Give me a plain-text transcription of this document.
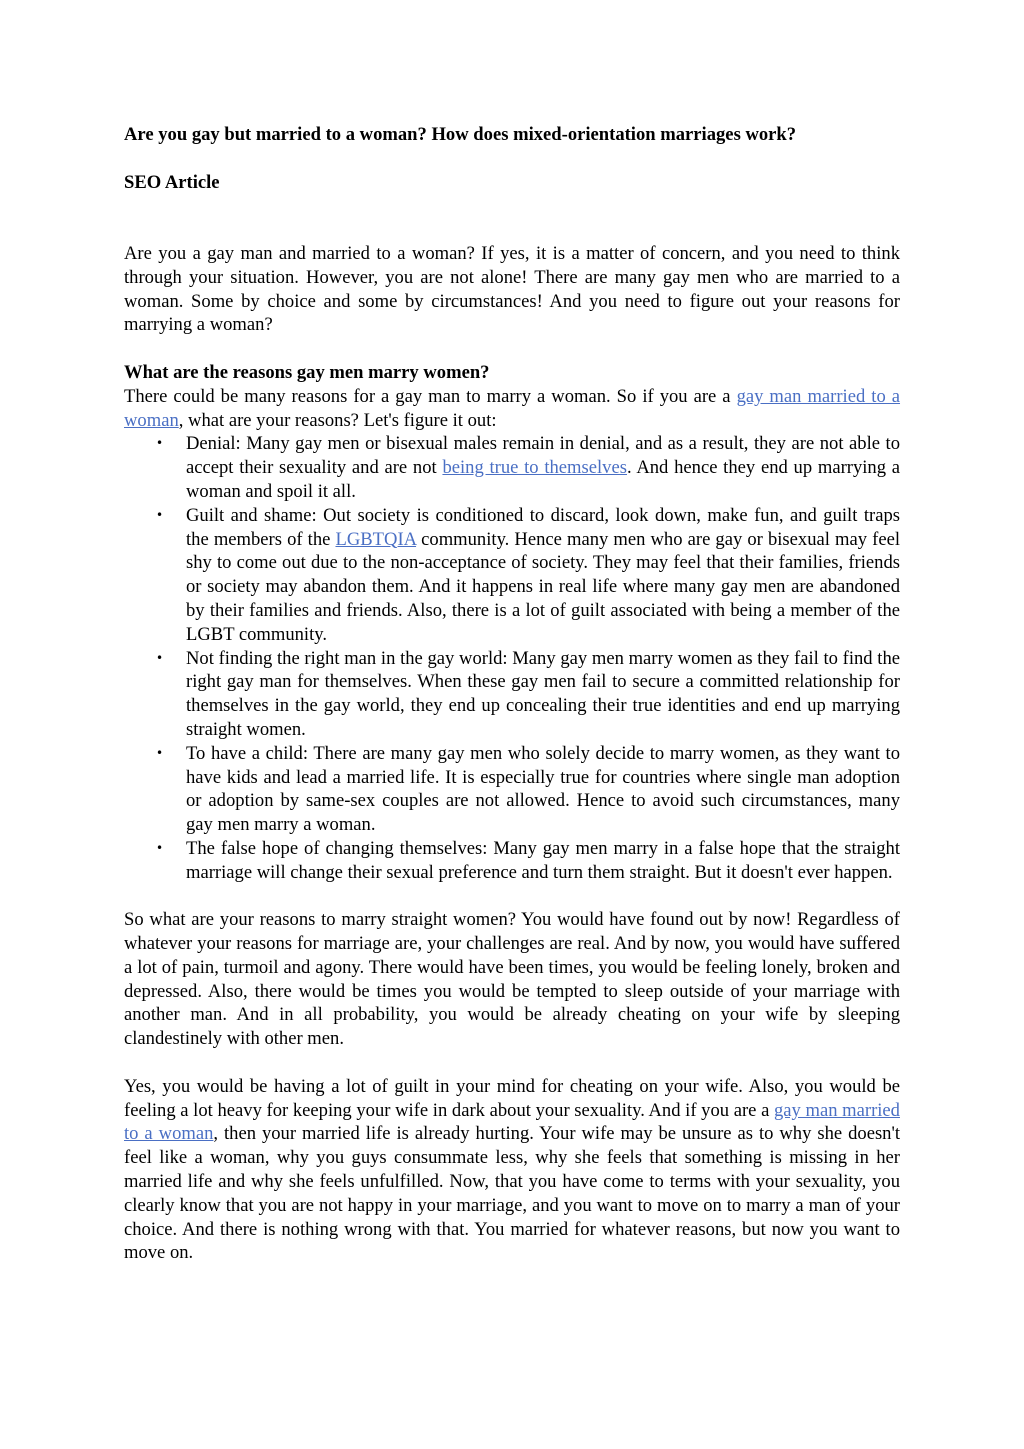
Are you gay but married to a woman? How does mixed-orientation marriages work?

SEO Article

Are you a gay man and married to a woman? If yes, it is a matter of concern, and you need to think through your situation. However, you are not alone! There are many gay men who are married to a woman. Some by choice and some by circumstances! And you need to figure out your reasons for marrying a woman?

What are the reasons gay men marry women?

There could be many reasons for a gay man to marry a woman. So if you are a gay man married to a woman, what are your reasons? Let's figure it out:

• Denial: Many gay men or bisexual males remain in denial, and as a result, they are not able to accept their sexuality and are not being true to themselves. And hence they end up marrying a woman and spoil it all.
• Guilt and shame: Out society is conditioned to discard, look down, make fun, and guilt traps the members of the LGBTQIA community. Hence many men who are gay or bisexual may feel shy to come out due to the non-acceptance of society. They may feel that their families, friends or society may abandon them. And it happens in real life where many gay men are abandoned by their families and friends. Also, there is a lot of guilt associated with being a member of the LGBT community.
• Not finding the right man in the gay world: Many gay men marry women as they fail to find the right gay man for themselves. When these gay men fail to secure a committed relationship for themselves in the gay world, they end up concealing their true identities and end up marrying straight women.
• To have a child: There are many gay men who solely decide to marry women, as they want to have kids and lead a married life. It is especially true for countries where single man adoption or adoption by same-sex couples are not allowed. Hence to avoid such circumstances, many gay men marry a woman.
• The false hope of changing themselves: Many gay men marry in a false hope that the straight marriage will change their sexual preference and turn them straight. But it doesn't ever happen.

So what are your reasons to marry straight women? You would have found out by now! Regardless of whatever your reasons for marriage are, your challenges are real. And by now, you would have suffered a lot of pain, turmoil and agony. There would have been times, you would be feeling lonely, broken and depressed. Also, there would be times you would be tempted to sleep outside of your marriage with another man. And in all probability, you would be already cheating on your wife by sleeping clandestinely with other men.

Yes, you would be having a lot of guilt in your mind for cheating on your wife. Also, you would be feeling a lot heavy for keeping your wife in dark about your sexuality. And if you are a gay man married to a woman, then your married life is already hurting. Your wife may be unsure as to why she doesn't feel like a woman, why you guys consummate less, why she feels that something is missing in her married life and why she feels unfulfilled. Now, that you have come to terms with your sexuality, you clearly know that you are not happy in your marriage, and you want to move on to marry a man of your choice. And there is nothing wrong with that. You married for whatever reasons, but now you want to move on.
